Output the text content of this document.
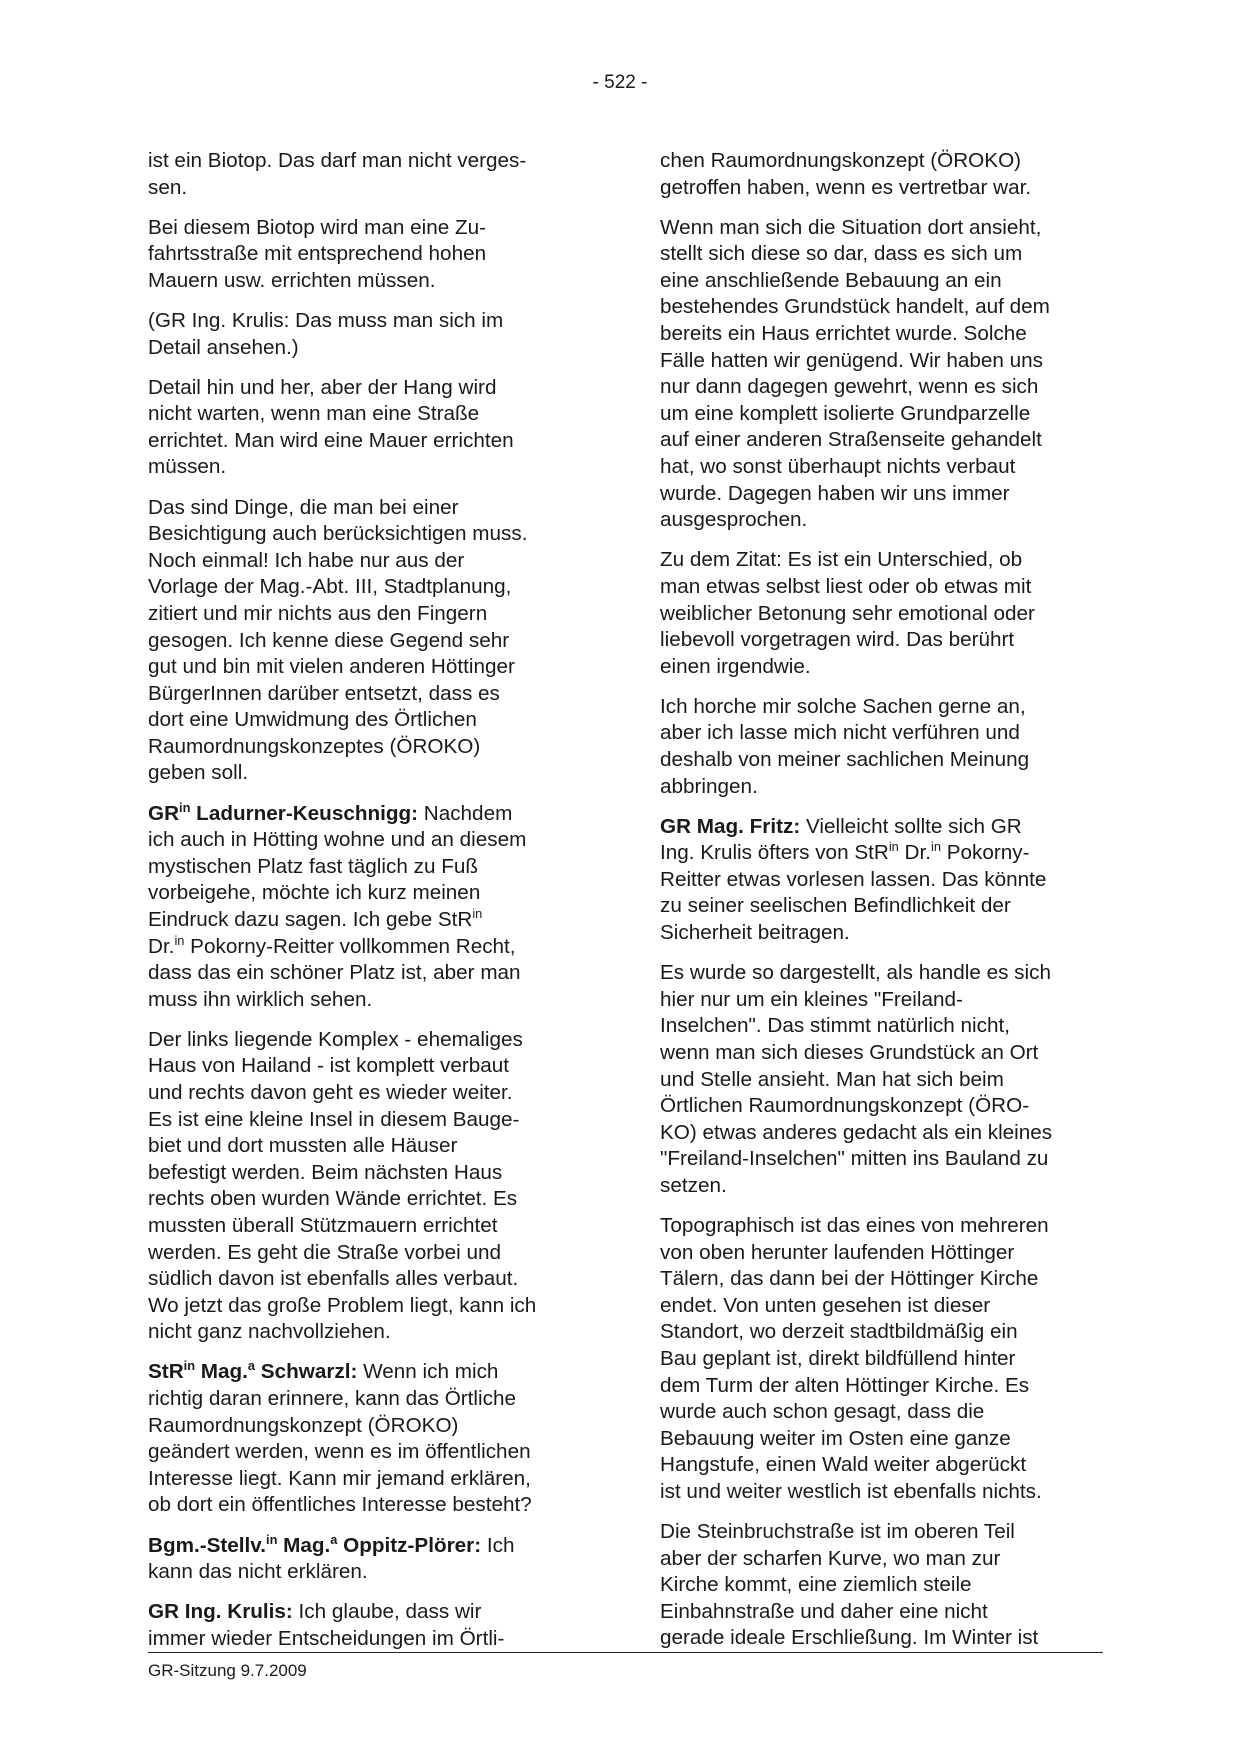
- 522 -

ist ein Biotop. Das darf man nicht verges-
sen.

Bei diesem Biotop wird man eine Zu-
fahrtsstraße mit entsprechend hohen
Mauern usw. errichten müssen.

(GR Ing. Krulis: Das muss man sich im
Detail ansehen.)

Detail hin und her, aber der Hang wird
nicht warten, wenn man eine Straße
errichtet. Man wird eine Mauer errichten
müssen.

Das sind Dinge, die man bei einer
Besichtigung auch berücksichtigen muss.
Noch einmal! Ich habe nur aus der
Vorlage der Mag.-Abt. III, Stadtplanung,
zitiert und mir nichts aus den Fingern
gesogen. Ich kenne diese Gegend sehr
gut und bin mit vielen anderen Höttinger
BürgerInnen darüber entsetzt, dass es
dort eine Umwidmung des Örtlichen
Raumordnungskonzeptes (ÖROKO)
geben soll.

$GR^{in}$ Ladurner-Keuschnigg: Nachdem
ich auch in Hötting wohne und an diesem
mystischen Platz fast täglich zu Fuß
vorbeigehe, möchte ich kurz meinen
Eindruck dazu sagen. Ich gebe StR$^{in}$
Dr.$^{in}$ Pokorny-Reitter vollkommen Recht,
dass das ein schöner Platz ist, aber man
muss ihn wirklich sehen.

Der links liegende Komplex - ehemaliges
Haus von Hailand - ist komplett verbaut
und rechts davon geht es wieder weiter.
Es ist eine kleine Insel in diesem Bauge-
biet und dort mussten alle Häuser
befestigt werden. Beim nächsten Haus
rechts oben wurden Wände errichtet. Es
mussten überall Stützmauern errichtet
werden. Es geht die Straße vorbei und
südlich davon ist ebenfalls alles verbaut.
Wo jetzt das große Problem liegt, kann ich
nicht ganz nachvollziehen.

StR$^{in}$ Mag.$^a$ Schwarzl: Wenn ich mich
richtig daran erinnere, kann das Örtliche
Raumordnungskonzept (ÖROKO)
geändert werden, wenn es im öffentlichen
Interesse liegt. Kann mir jemand erklären,
ob dort ein öffentliches Interesse besteht?

Bgm.-Stellv.$^{in}$ Mag.$^a$ Oppitz-Plörer: Ich
kann das nicht erklären.

GR Ing. Krulis: Ich glaube, dass wir
immer wieder Entscheidungen im Örtli-

chen Raumordnungskonzept (ÖROKO)
getroffen haben, wenn es vertretbar war.

Wenn man sich die Situation dort ansieht,
stellt sich diese so dar, dass es sich um
eine anschließende Bebauung an ein
bestehendes Grundstück handelt, auf dem
bereits ein Haus errichtet wurde. Solche
Fälle hatten wir genügend. Wir haben uns
nur dann dagegen gewehrt, wenn es sich
um eine komplett isolierte Grundparzelle
auf einer anderen Straßenseite gehandelt
hat, wo sonst überhaupt nichts verbaut
wurde. Dagegen haben wir uns immer
ausgesprochen.

Zu dem Zitat: Es ist ein Unterschied, ob
man etwas selbst liest oder ob etwas mit
weiblicher Betonung sehr emotional oder
liebevoll vorgetragen wird. Das berührt
einen irgendwie.

Ich horche mir solche Sachen gerne an,
aber ich lasse mich nicht verführen und
deshalb von meiner sachlichen Meinung
abbringen.

GR Mag. Fritz: Vielleicht sollte sich GR
Ing. Krulis öfters von StR$^{in}$ Dr.$^{in}$ Pokorny-
Reitter etwas vorlesen lassen. Das könnte
zu seiner seelischen Befindlichkeit der
Sicherheit beitragen.

Es wurde so dargestellt, als handle es sich
hier nur um ein kleines "Freiland-
Inselchen". Das stimmt natürlich nicht,
wenn man sich dieses Grundstück an Ort
und Stelle ansieht. Man hat sich beim
Örtlichen Raumordnungskonzept (ÖRO-
KO) etwas anderes gedacht als ein kleines
"Freiland-Inselchen" mitten ins Bauland zu
setzen.

Topographisch ist das eines von mehreren
von oben herunter laufenden Höttinger
Tälern, das dann bei der Höttinger Kirche
endet. Von unten gesehen ist dieser
Standort, wo derzeit stadtbildmäßig ein
Bau geplant ist, direkt bildfüllend hinter
dem Turm der alten Höttinger Kirche. Es
wurde auch schon gesagt, dass die
Bebauung weiter im Osten eine ganze
Hangstufe, einen Wald weiter abgerückt
ist und weiter westlich ist ebenfalls nichts.

Die Steinbruchstraße ist im oberen Teil
aber der scharfen Kurve, wo man zur
Kirche kommt, eine ziemlich steile
Einbahnstraße und daher eine nicht
gerade ideale Erschließung. Im Winter ist

GR-Sitzung 9.7.2009
